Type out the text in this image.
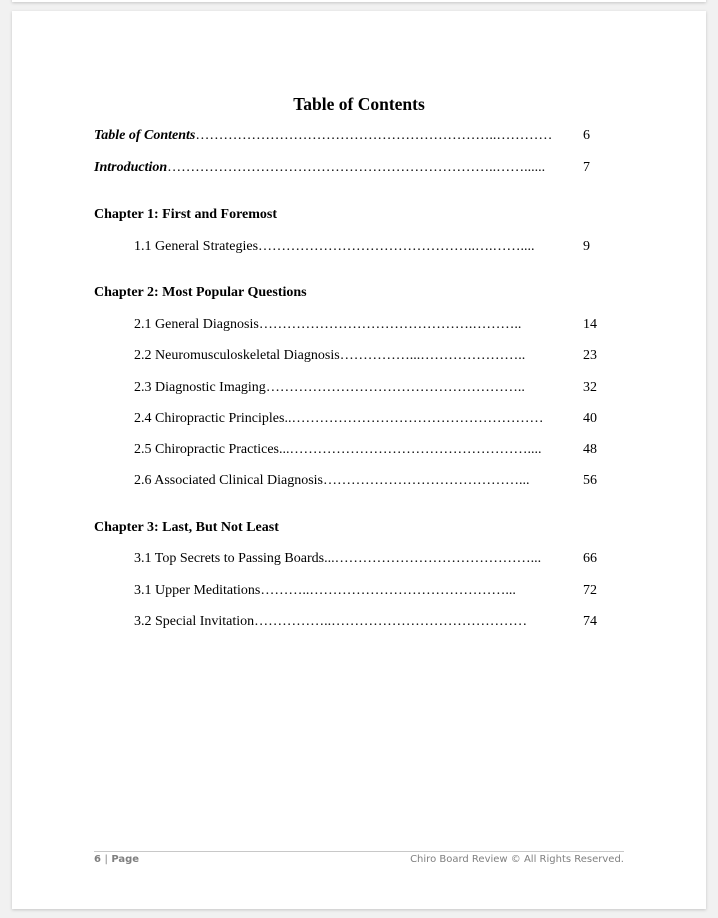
Table of Contents
Table of Contents………………………………………………………..………… 6
Introduction……………………………………………………………..……......	7
Chapter 1: First and Foremost
1.1 General Strategies………………………………………..….……....	9
Chapter 2: Most Popular Questions
2.1 General Diagnosis……………………………………….………..	14
2.2 Neuromusculoskeletal Diagnosis……………...…………………..	23
2.3 Diagnostic Imaging………………………………………………..	32
2.4 Chiropractic Principles..………………………………………………	40
2.5 Chiropractic Practices...……………………………………………....	48
2.6 Associated Clinical Diagnosis……………………………………...	56
Chapter 3: Last, But Not Least
3.1 Top Secrets to Passing Boards...……………………………………...	66
3.1 Upper Meditations………..……………………………………...	72
3.2 Special Invitation……………..……………………………………	74
6 | Page	Chiro Board Review © All Rights Reserved.
